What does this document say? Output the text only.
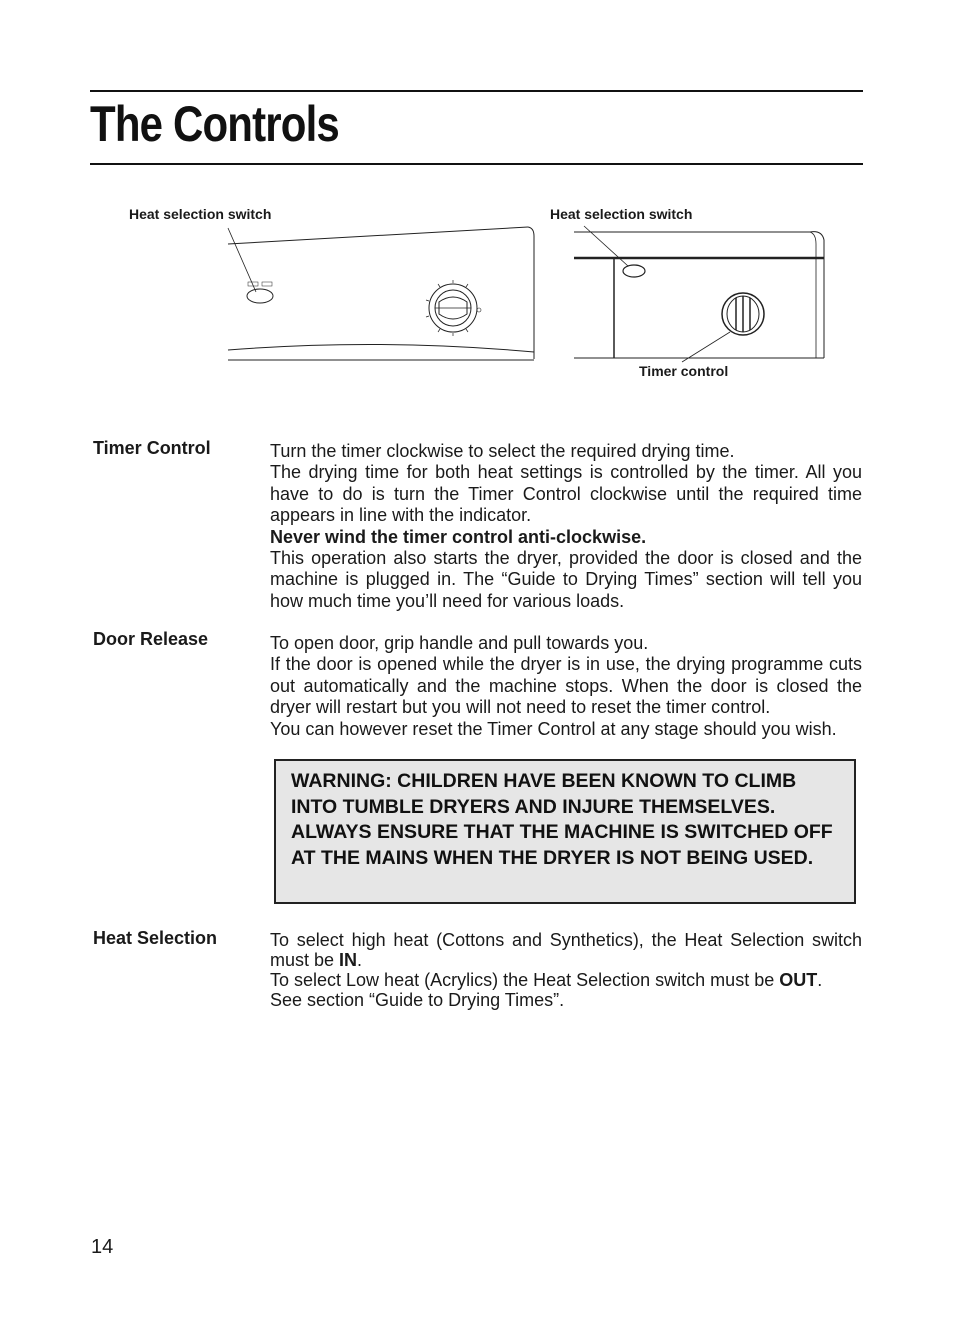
The Controls
Heat selection switch	Heat selection switch
Timer control
Timer Control	Turn the timer clockwise to select the required drying time.

The drying time for both heat settings is controlled by the timer. All you have to do is turn the Timer Control clockwise until the required time appears in line with the indicator.

Never wind the timer control anti-clockwise.

This operation also starts the dryer, provided the door is closed and the machine is plugged in. The “Guide to Drying Times” section will tell you how much time you’ll need for various loads.

Door Release	To open door, grip handle and pull towards you.

If the door is opened while the dryer is in use, the drying programme cuts out automatically and the machine stops. When the door is closed the dryer will restart but you will not need to reset the timer control.

You can however reset the Timer Control at any stage should you wish.

WARNING: CHILDREN HAVE BEEN KNOWN TO CLIMB INTO TUMBLE DRYERS AND INJURE THEMSELVES. ALWAYS ENSURE THAT THE MACHINE IS SWITCHED OFF AT THE MAINS WHEN THE DRYER IS NOT BEING USED.

Heat Selection	To select high heat (Cottons and Synthetics), the Heat Selection switch must be IN.

To select Low heat (Acrylics) the Heat Selection switch must be OUT.

See section “Guide to Drying Times”.

14
